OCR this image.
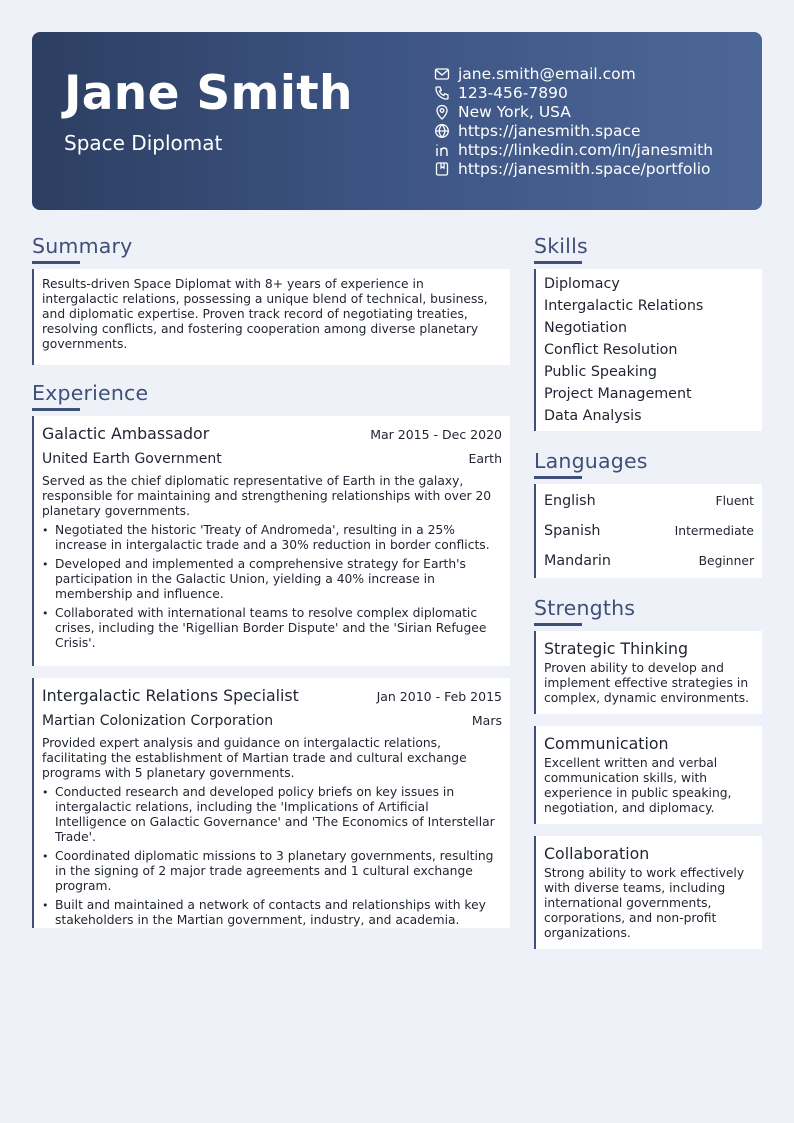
Jane Smith
Space Diplomat
jane.smith@email.com
123-456-7890
New York, USA
https://janesmith.space
https://linkedin.com/in/janesmith
https://janesmith.space/portfolio
Summary
Results-driven Space Diplomat with 8+ years of experience in intergalactic relations, possessing a unique blend of technical, business, and diplomatic expertise. Proven track record of negotiating treaties, resolving conflicts, and fostering cooperation among diverse planetary governments.
Experience
Galactic Ambassador	Mar 2015 - Dec 2020
United Earth Government	Earth
Served as the chief diplomatic representative of Earth in the galaxy, responsible for maintaining and strengthening relationships with over 20 planetary governments.
• Negotiated the historic 'Treaty of Andromeda', resulting in a 25% increase in intergalactic trade and a 30% reduction in border conflicts.
• Developed and implemented a comprehensive strategy for Earth's participation in the Galactic Union, yielding a 40% increase in membership and influence.
• Collaborated with international teams to resolve complex diplomatic crises, including the 'Rigellian Border Dispute' and the 'Sirian Refugee Crisis'.
Intergalactic Relations Specialist	Jan 2010 - Feb 2015
Martian Colonization Corporation	Mars
Provided expert analysis and guidance on intergalactic relations, facilitating the establishment of Martian trade and cultural exchange programs with 5 planetary governments.
• Conducted research and developed policy briefs on key issues in intergalactic relations, including the 'Implications of Artificial Intelligence on Galactic Governance' and 'The Economics of Interstellar Trade'.
• Coordinated diplomatic missions to 3 planetary governments, resulting in the signing of 2 major trade agreements and 1 cultural exchange program.
• Built and maintained a network of contacts and relationships with key stakeholders in the Martian government, industry, and academia.
Skills
Diplomacy
Intergalactic Relations
Negotiation
Conflict Resolution
Public Speaking
Project Management
Data Analysis
Languages
English	Fluent
Spanish	Intermediate
Mandarin	Beginner
Strengths
Strategic Thinking
Proven ability to develop and implement effective strategies in complex, dynamic environments.
Communication
Excellent written and verbal communication skills, with experience in public speaking, negotiation, and diplomacy.
Collaboration
Strong ability to work effectively with diverse teams, including international governments, corporations, and non-profit organizations.
